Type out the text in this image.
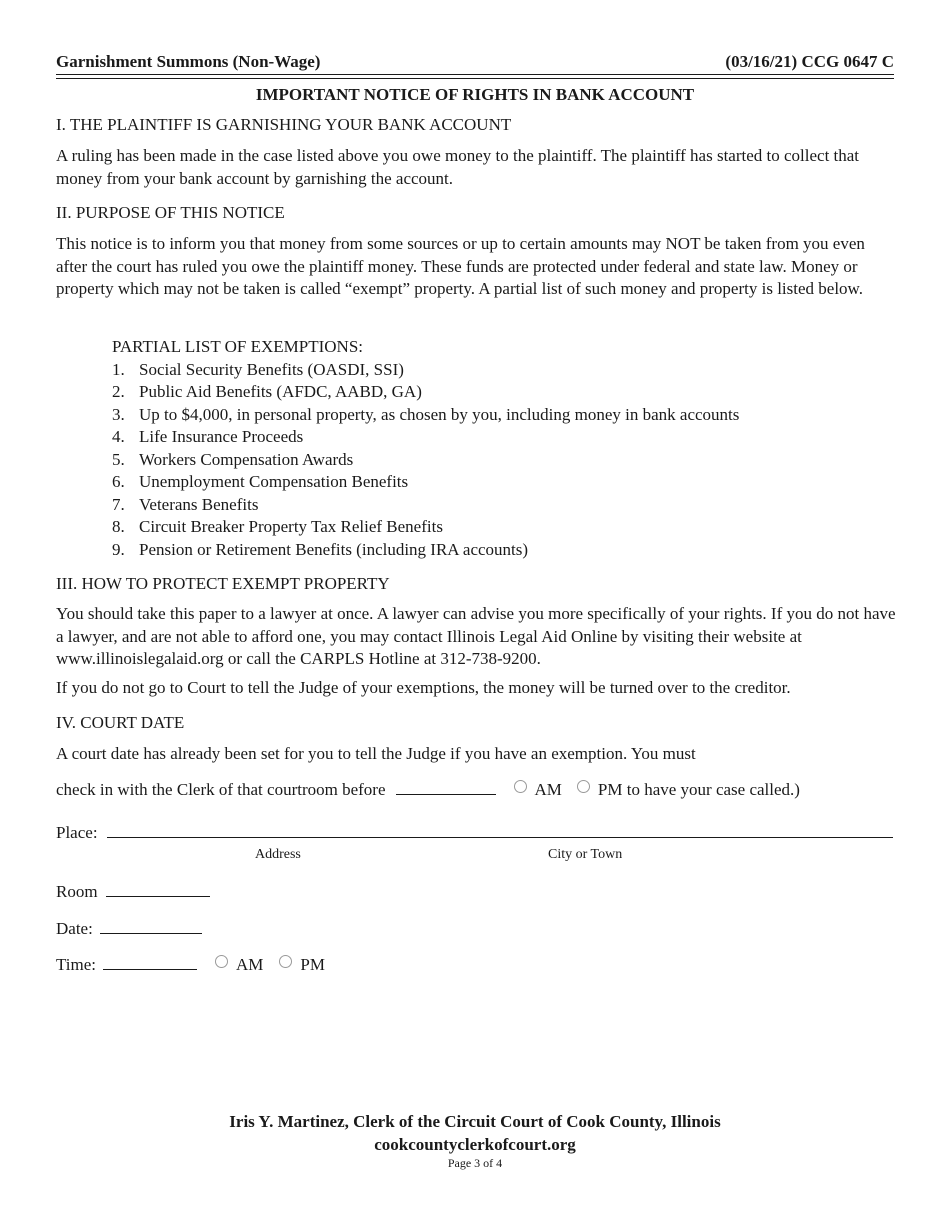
Garnishment Summons (Non-Wage)	(03/16/21) CCG 0647 C
IMPORTANT NOTICE OF RIGHTS IN BANK ACCOUNT
I. THE PLAINTIFF IS GARNISHING YOUR BANK ACCOUNT
A ruling has been made in the case listed above you owe money to the plaintiff. The plaintiff has started to collect that money from your bank account by garnishing the account.
II. PURPOSE OF THIS NOTICE
This notice is to inform you that money from some sources or up to certain amounts may NOT be taken from you even after the court has ruled you owe the plaintiff money. These funds are protected under federal and state law. Money or property which may not be taken is called “exempt” property. A partial list of such money and property is listed below.
PARTIAL LIST OF EXEMPTIONS:
1. Social Security Benefits (OASDI, SSI)
2. Public Aid Benefits (AFDC, AABD, GA)
3. Up to $4,000, in personal property, as chosen by you, including money in bank accounts
4. Life Insurance Proceeds
5. Workers Compensation Awards
6. Unemployment Compensation Benefits
7. Veterans Benefits
8. Circuit Breaker Property Tax Relief Benefits
9. Pension or Retirement Benefits (including IRA accounts)
III. HOW TO PROTECT EXEMPT PROPERTY
You should take this paper to a lawyer at once. A lawyer can advise you more specifically of your rights. If you do not have a lawyer, and are not able to afford one, you may contact Illinois Legal Aid Online by visiting their website at www.illinoislegalaid.org or call the CARPLS Hotline at 312-738-9200.
If you do not go to Court to tell the Judge of your exemptions, the money will be turned over to the creditor.
IV. COURT DATE
A court date has already been set for you to tell the Judge if you have an exemption. You must
check in with the Clerk of that courtroom before	AM PM to have your case called.)
Place:
Address	City or Town
Room
Date:
Time:	AM PM
Iris Y. Martinez, Clerk of the Circuit Court of Cook County, Illinois
cookcountyclerkofcourt.org
Page 3 of 4
